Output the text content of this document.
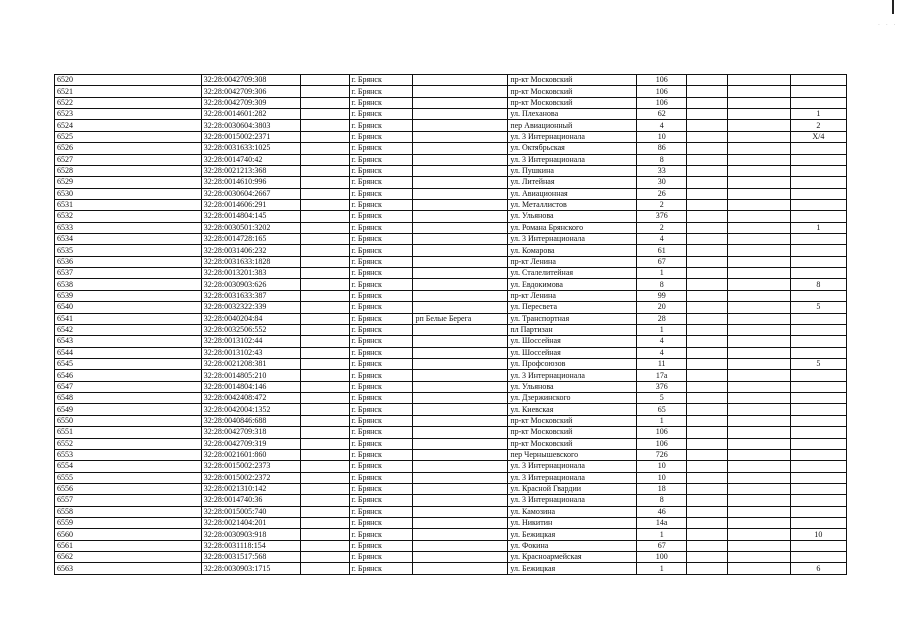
· · ·
6520	32:28:0042709:308		г. Брянск		пр-кт Московский	106			
6521	32:28:0042709:306		г. Брянск		пр-кт Московский	106			
6522	32:28:0042709:309		г. Брянск		пр-кт Московский	106			
6523	32:28:0014601:282		г. Брянск		ул. Плеханова	62			1
6524	32:28:0030604:3803		г. Брянск		пер Авиационный	4			2
6525	32:28:0015002:2371		г. Брянск		ул. 3 Интернационала	10			X/4
6526	32:28:0031633:1025		г. Брянск		ул. Октябрьская	86			
6527	32:28:0014740:42		г. Брянск		ул. 3 Интернационала	8			
6528	32:28:0021213:368		г. Брянск		ул. Пушкина	33			
6529	32:28:0014610:996		г. Брянск		ул. Литейная	30			
6530	32:28:0030604:2667		г. Брянск		ул. Авиационная	26			
6531	32:28:0014606:291		г. Брянск		ул. Металлистов	2			
6532	32:28:0014804:145		г. Брянск		ул. Ульянова	376			
6533	32:28:0030501:3202		г. Брянск		ул. Романа Брянского	2			1
6534	32:28:0014728:165		г. Брянск		ул. 3 Интернационала	4			
6535	32:28:0031406:232		г. Брянск		ул. Комарова	61			
6536	32:28:0031633:1828		г. Брянск		пр-кт Ленина	67			
6537	32:28:0013201:383		г. Брянск		ул. Сталелитейная	1			
6538	32:28:0030903:626		г. Брянск		ул. Евдокимова	8			8
6539	32:28:0031633:387		г. Брянск		пр-кт Ленина	99			
6540	32:28:0032322:339		г. Брянск		ул. Пересвета	20			5
6541	32:28:0040204:84		г. Брянск	рп Белые Берега	ул. Транспортная	28			
6542	32:28:0032506:552		г. Брянск		пл Партизан	1			
6543	32:28:0013102:44		г. Брянск		ул. Шоссейная	4			
6544	32:28:0013102:43		г. Брянск		ул. Шоссейная	4			
6545	32:28:0021208:381		г. Брянск		ул. Профсоюзов	11			5
6546	32:28:0014805:210		г. Брянск		ул. 3 Интернационала	17а			
6547	32:28:0014804:146		г. Брянск		ул. Ульянова	376			
6548	32:28:0042408:472		г. Брянск		ул. Дзержинского	5			
6549	32:28:0042004:1352		г. Брянск		ул. Киевская	65			
6550	32:28:0040846:688		г. Брянск		пр-кт Московский	1			
6551	32:28:0042709:318		г. Брянск		пр-кт Московский	106			
6552	32:28:0042709:319		г. Брянск		пр-кт Московский	106			
6553	32:28:0021601:860		г. Брянск		пер Чернышевского	726			
6554	32:28:0015002:2373		г. Брянск		ул. 3 Интернационала	10			
6555	32:28:0015002:2372		г. Брянск		ул. 3 Интернационала	10			
6556	32:28:0021310:142		г. Брянск		ул. Красной Гвардии	18			
6557	32:28:0014740:36		г. Брянск		ул. 3 Интернационала	8			
6558	32:28:0015005:740		г. Брянск		ул. Камозина	46			
6559	32:28:0021404:201		г. Брянск		ул. Никитин	14а			
6560	32:28:0030903:918		г. Брянск		ул. Бежицкая	1			10
6561	32:28:0031118:154		г. Брянск		ул. Фокина	67			
6562	32:28:0031517:568		г. Брянск		ул. Красноармейская	100			
6563	32:28:0030903:1715		г. Брянск		ул. Бежицкая	1			6
